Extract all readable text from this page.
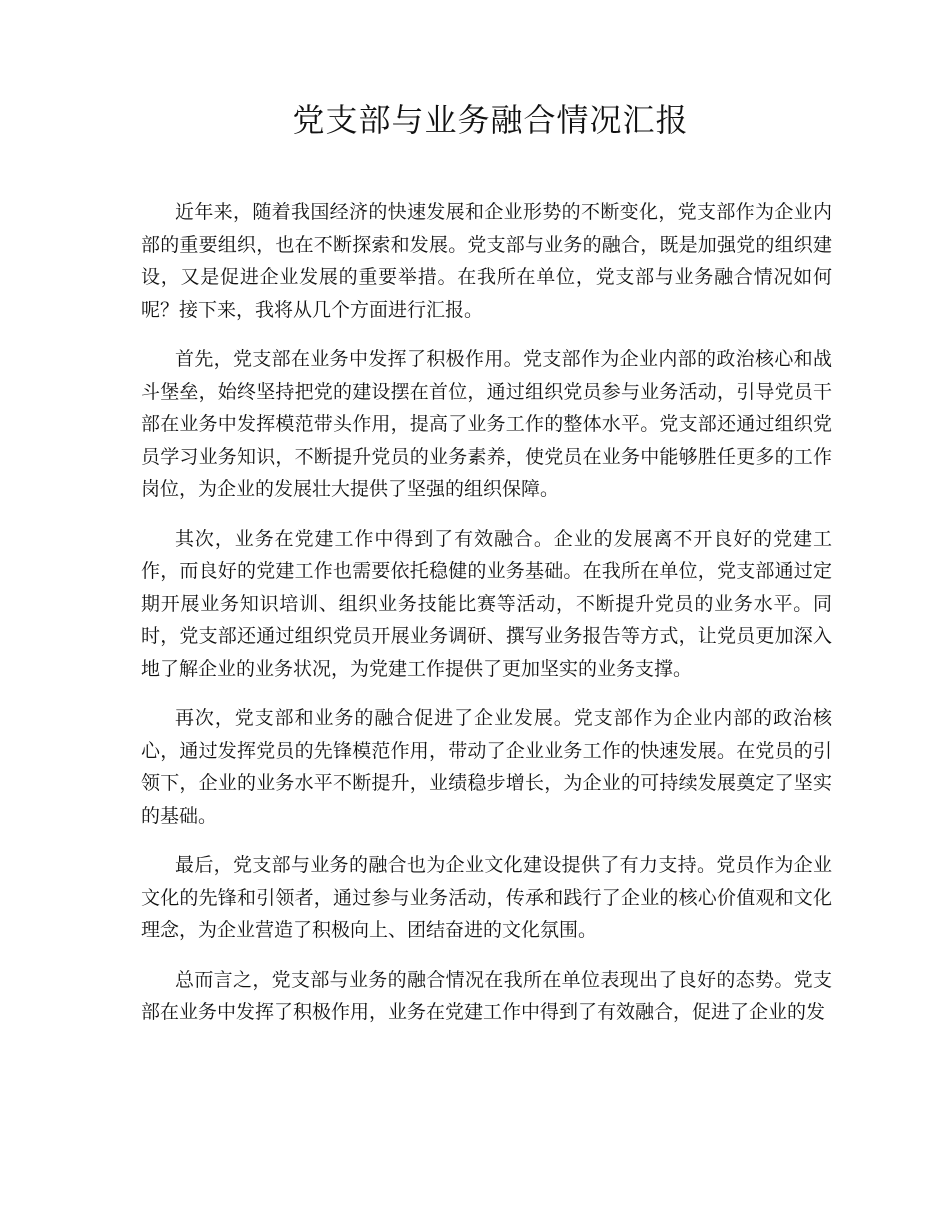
党支部与业务融合情况汇报

近年来，随着我国经济的快速发展和企业形势的不断变化，党支部作为企业内部的重要组织，也在不断探索和发展。党支部与业务的融合，既是加强党的组织建设，又是促进企业发展的重要举措。在我所在单位，党支部与业务融合情况如何呢？接下来，我将从几个方面进行汇报。

首先，党支部在业务中发挥了积极作用。党支部作为企业内部的政治核心和战斗堡垒，始终坚持把党的建设摆在首位，通过组织党员参与业务活动，引导党员干部在业务中发挥模范带头作用，提高了业务工作的整体水平。党支部还通过组织党员学习业务知识，不断提升党员的业务素养，使党员在业务中能够胜任更多的工作岗位，为企业的发展壮大提供了坚强的组织保障。

其次，业务在党建工作中得到了有效融合。企业的发展离不开良好的党建工作，而良好的党建工作也需要依托稳健的业务基础。在我所在单位，党支部通过定期开展业务知识培训、组织业务技能比赛等活动，不断提升党员的业务水平。同时，党支部还通过组织党员开展业务调研、撰写业务报告等方式，让党员更加深入地了解企业的业务状况，为党建工作提供了更加坚实的业务支撑。

再次，党支部和业务的融合促进了企业发展。党支部作为企业内部的政治核心，通过发挥党员的先锋模范作用，带动了企业业务工作的快速发展。在党员的引领下，企业的业务水平不断提升，业绩稳步增长，为企业的可持续发展奠定了坚实的基础。

最后，党支部与业务的融合也为企业文化建设提供了有力支持。党员作为企业文化的先锋和引领者，通过参与业务活动，传承和践行了企业的核心价值观和文化理念，为企业营造了积极向上、团结奋进的文化氛围。

总而言之，党支部与业务的融合情况在我所在单位表现出了良好的态势。党支部在业务中发挥了积极作用，业务在党建工作中得到了有效融合，促进了企业的发
